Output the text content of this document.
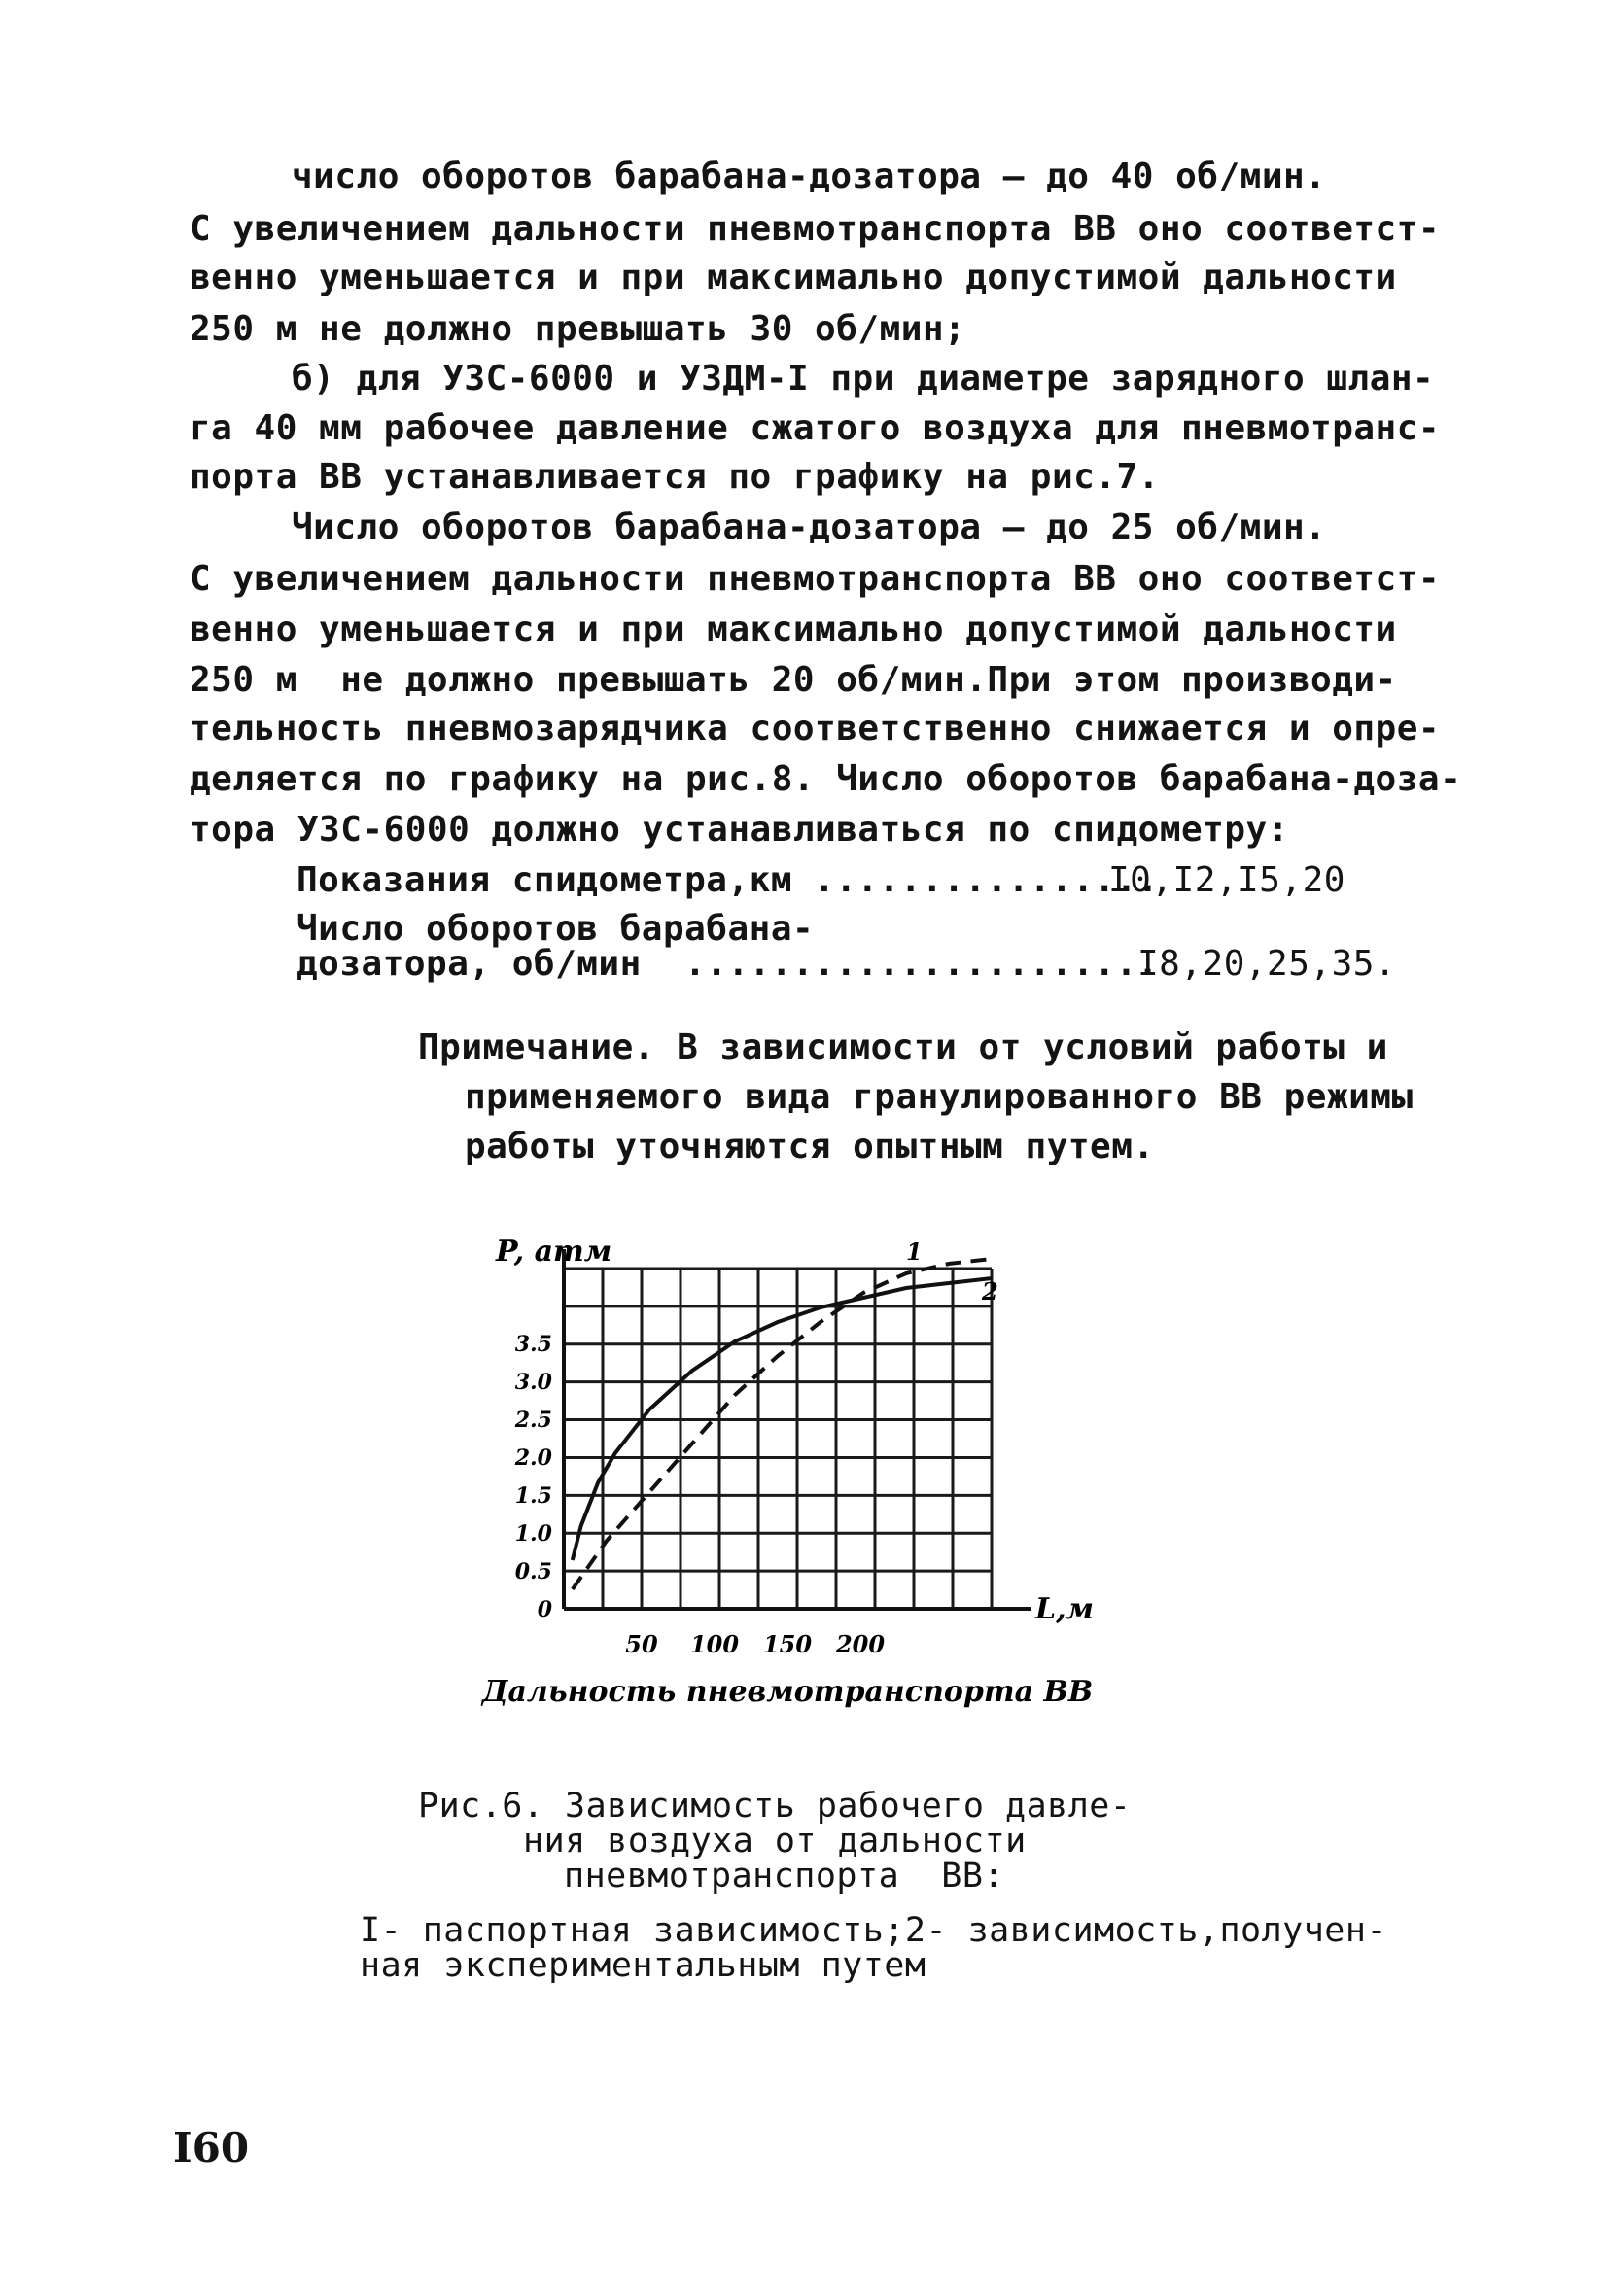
число оборотов барабана-дозатора – до 40 об/мин.
С увеличением дальности пневмотранспорта ВВ оно соответст-
венно уменьшается и при максимально допустимой дальности
250 м не должно превышать 30 об/мин;
б) для УЗС-6000 и УЗДМ-I при диаметре зарядного шлан-
га 40 мм рабочее давление сжатого воздуха для пневмотранс-
порта ВВ устанавливается по графику на рис.7.
Число оборотов барабана-дозатора – до 25 об/мин.
С увеличением дальности пневмотранспорта ВВ оно соответст-
венно уменьшается и при максимально допустимой дальности
250 м  не должно превышать 20 об/мин.При этом производи-
тельность пневмозарядчика соответственно снижается и опре-
деляется по графику на рис.8. Число оборотов барабана-доза-
тора УЗС-6000 должно устанавливаться по спидометру:
Показания спидометра,км ................
I0,I2,I5,20
Число оборотов барабана-
дозатора, об/мин  ......................
I8,20,25,35.
Примечание. В зависимости от условий работы и
применяемого вида гранулированного ВВ режимы
работы уточняются опытным путем.
0
0.5
1.0
1.5
2.0
2.5
3.0
3.5
50 100 150 200
P, атм
L,м
Дальность пневмотранспорта ВВ
1
2
Рис.6. Зависимость рабочего давле-
ния воздуха от дальности
пневмотранспорта  ВВ:
I- паспортная зависимость;2- зависимость,получен-
ная экспериментальным путем
I60
